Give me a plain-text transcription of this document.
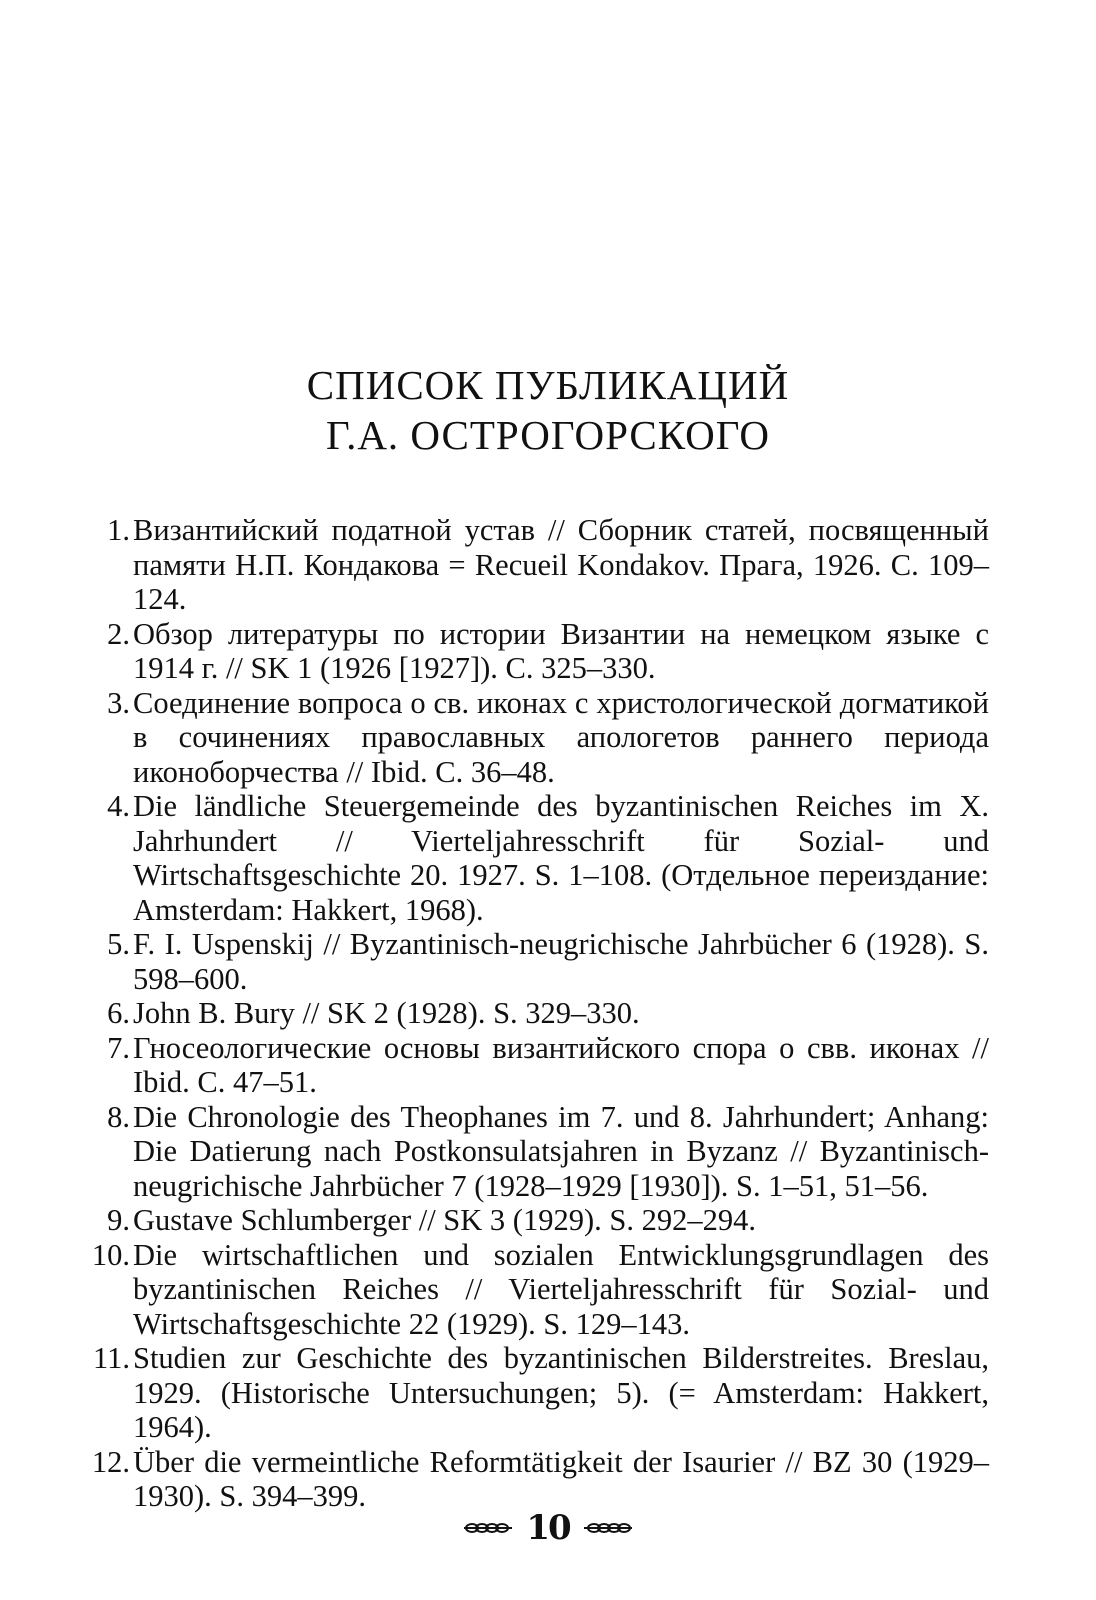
СПИСОК ПУБЛИКАЦИЙ
Г.А. ОСТРОГОРСКОГО
1. Византийский податной устав // Сборник статей, посвященный памяти Н.П. Кондакова = Recueil Kondakov. Прага, 1926. С. 109–124.
2. Обзор литературы по истории Византии на немецком языке с 1914 г. // SK 1 (1926 [1927]). С. 325–330.
3. Соединение вопроса о св. иконах с христологической догматикой в сочинениях православных апологетов раннего периода иконоборчества // Ibid. С. 36–48.
4. Die ländliche Steuergemeinde des byzantinischen Reiches im X. Jahrhundert // Vierteljahresschrift für Sozial- und Wirtschaftsgeschichte 20. 1927. S. 1–108. (Отдельное переиздание: Amsterdam: Hakkert, 1968).
5. F. I. Uspenskij // Byzantinisch-neugrichische Jahrbücher 6 (1928). S. 598–600.
6. John B. Bury // SK 2 (1928). S. 329–330.
7. Гносеологические основы византийского спора о свв. иконах // Ibid. С. 47–51.
8. Die Chronologie des Theophanes im 7. und 8. Jahrhundert; Anhang: Die Datierung nach Postkonsulatsjahren in Byzanz // Byzantinisch-neugrichische Jahrbücher 7 (1928–1929 [1930]). S. 1–51, 51–56.
9. Gustave Schlumberger // SK 3 (1929). S. 292–294.
10. Die wirtschaftlichen und sozialen Entwicklungsgrundlagen des byzantinischen Reiches // Vierteljahresschrift für Sozial- und Wirtschaftsgeschichte 22 (1929). S. 129–143.
11. Studien zur Geschichte des byzantinischen Bilderstreites. Breslau, 1929. (Historische Untersuchungen; 5). (= Amsterdam: Hakkert, 1964).
12. Über die vermeintliche Reformtätigkeit der Isaurier // BZ 30 (1929–1930). S. 394–399.
10
